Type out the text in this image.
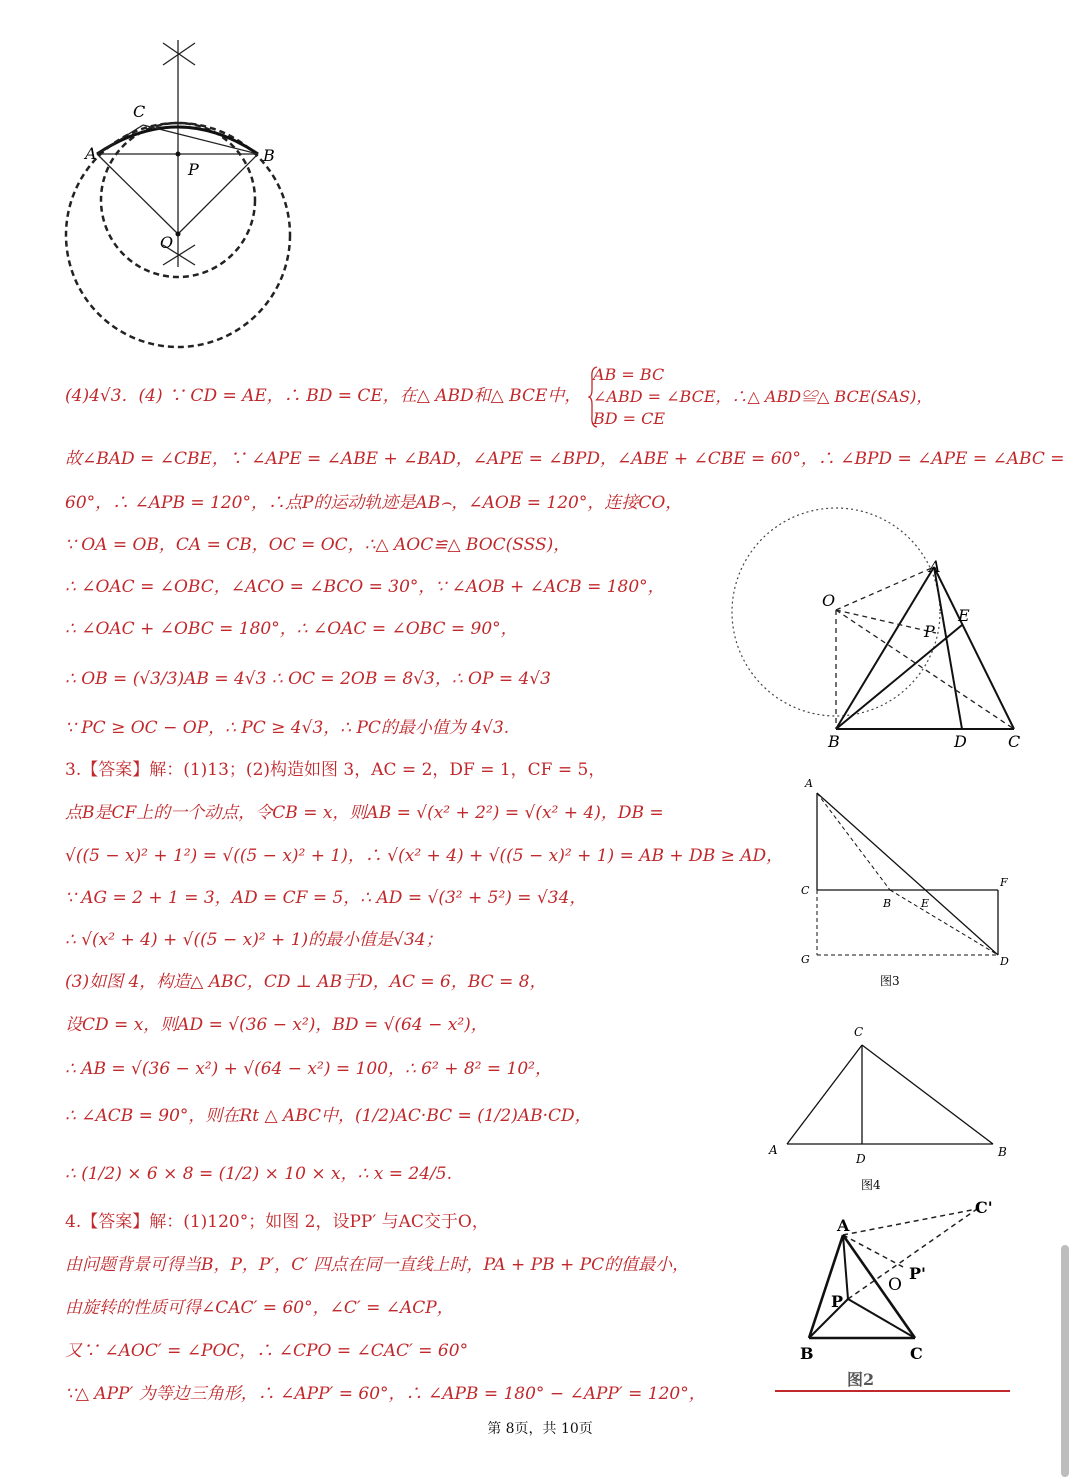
A	B
C
P
O
AB = BC
∠ABD = ∠BCE，∴△ ABD≌△ BCE(SAS)，
BD = CE
(4)4√3．(4) ∵ CD = AE，∴ BD = CE，在△ ABD和△ BCE中，
故∠BAD = ∠CBE，∵ ∠APE = ∠ABE + ∠BAD，∠APE = ∠BPD，∠ABE + ∠CBE = 60°，∴ ∠BPD = ∠APE = ∠ABC =
60°，∴ ∠APB = 120°，∴点P的运动轨迹是AB⌢，∠AOB = 120°，连接CO，
∵ OA = OB，CA = CB，OC = OC，∴△ AOC≌△ BOC(SSS)，
∴ ∠OAC = ∠OBC，∠ACO = ∠BCO = 30°，∵ ∠AOB + ∠ACB = 180°，
∴ ∠OAC + ∠OBC = 180°，∴ ∠OAC = ∠OBC = 90°，
∴ OB = (√3/3)AB = 4√3 ∴ OC = 2OB = 8√3，∴ OP = 4√3
∵ PC ≥ OC − OP，∴ PC ≥ 4√3，∴ PC的最小值为 4√3.
3.【答案】解：(1)13；(2)构造如图 3，AC = 2，DF = 1，CF = 5，
点B是CF上的一个动点，令CB = x，则AB = √(x² + 2²) = √(x² + 4)，DB =
√((5 − x)² + 1²) = √((5 − x)² + 1)，∴ √(x² + 4) + √((5 − x)² + 1) = AB + DB ≥ AD，
∵ AG = 2 + 1 = 3，AD = CF = 5，∴ AD = √(3² + 5²) = √34，
∴ √(x² + 4) + √((5 − x)² + 1)的最小值是√34；
(3)如图 4，构造△ ABC，CD ⊥ AB于D，AC = 6，BC = 8，
设CD = x，则AD = √(36 − x²)，BD = √(64 − x²)，
∴ AB = √(36 − x²) + √(64 − x²) = 100，∴ 6² + 8² = 10²，
∴ ∠ACB = 90°，则在Rt △ ABC中，(1/2)AC·BC = (1/2)AB·CD，
∴ (1/2) × 6 × 8 = (1/2) × 10 × x，∴ x = 24/5.
4.【答案】解：(1)120°；如图 2，设PP′ 与AC交于O，
由问题背景可得当B，P，P′，C′ 四点在同一直线上时，PA + PB + PC的值最小，
由旋转的性质可得∠CAC′ = 60°，∠C′ = ∠ACP，
又∵ ∠AOC′ = ∠POC，∴ ∠CPO = ∠CAC′ = 60°
∵△ APP′ 为等边三角形，∴ ∠APP′ = 60°，∴ ∠APB = 180° − ∠APP′ = 120°，
O
A
E
P
B	D	C
A
C
F
B	E
G	D
图3
C
A
D	B
图4
A
C'
P'
O
P
B	C
图2
第 8页，共 10页
